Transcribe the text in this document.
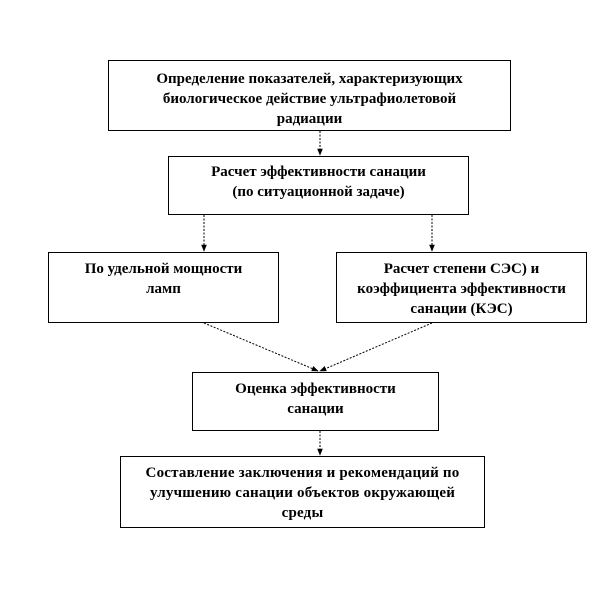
Определение показателей, характеризующих
биологическое действие ультрафиолетовой
радиации
Расчет эффективности санации
(по ситуационной задаче)
По удельной мощности
ламп
Расчет степени СЭС) и
коэффициента эффективности
санации (КЭС)
Оценка эффективности
санации
Составление заключения и рекомендаций по
улучшению санации объектов окружающей
среды
